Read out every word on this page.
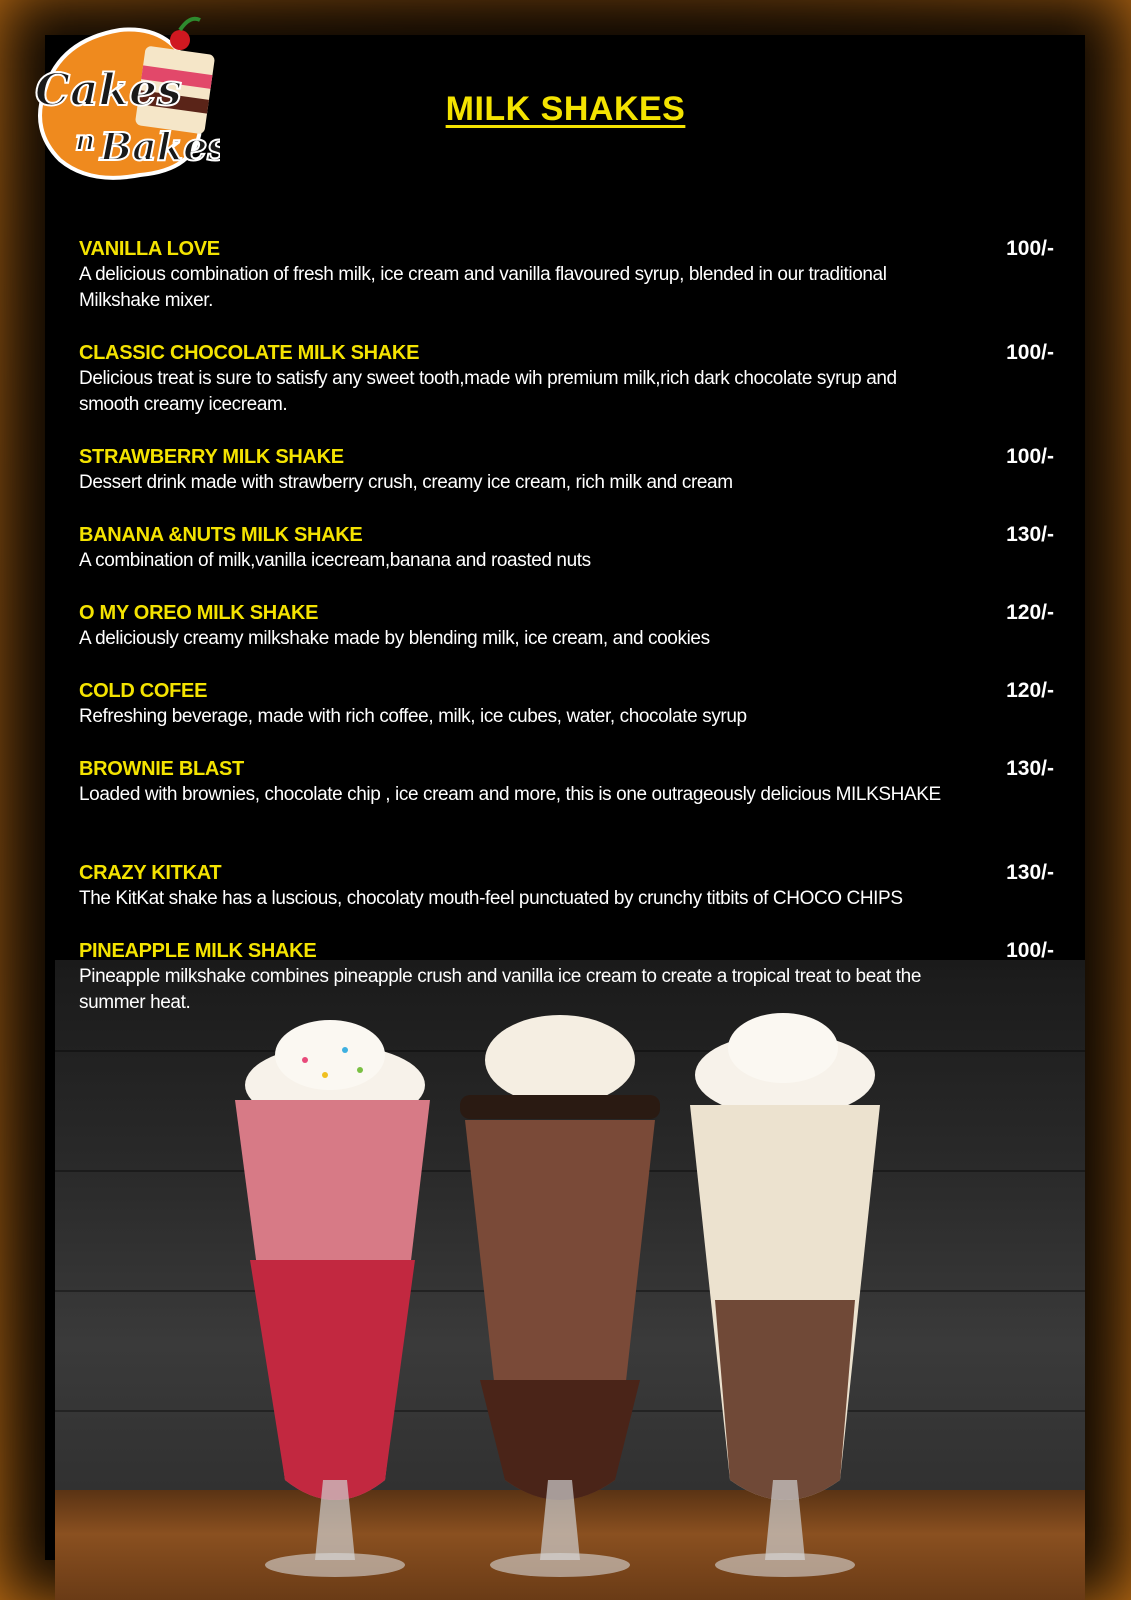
Cakes
n Bakes
MILK SHAKES
VANILLA LOVE
A delicious combination of fresh milk, ice cream and vanilla flavoured syrup, blended in our traditional Milkshake mixer.
100/-
CLASSIC CHOCOLATE MILK SHAKE
Delicious treat is sure to satisfy any sweet tooth,made wih premium milk,rich dark chocolate syrup and smooth creamy icecream.
100/-
STRAWBERRY MILK SHAKE
Dessert drink made with strawberry crush, creamy ice cream, rich milk and cream
100/-
BANANA &NUTS MILK SHAKE
A combination of milk,vanilla icecream,banana and roasted nuts
130/-
O MY OREO MILK SHAKE
A deliciously creamy milkshake made by blending milk, ice cream, and cookies
120/-
COLD COFEE
Refreshing beverage, made with rich coffee, milk, ice cubes, water, chocolate syrup
120/-
BROWNIE BLAST
Loaded with brownies, chocolate chip , ice cream and more, this is one outrageously delicious MILKSHAKE
130/-
CRAZY KITKAT
The KitKat shake has a luscious, chocolaty mouth-feel punctuated by crunchy titbits of CHOCO CHIPS
130/-
PINEAPPLE MILK SHAKE
Pineapple milkshake combines pineapple crush and vanilla ice cream to create a tropical treat to beat the summer heat.
100/-
